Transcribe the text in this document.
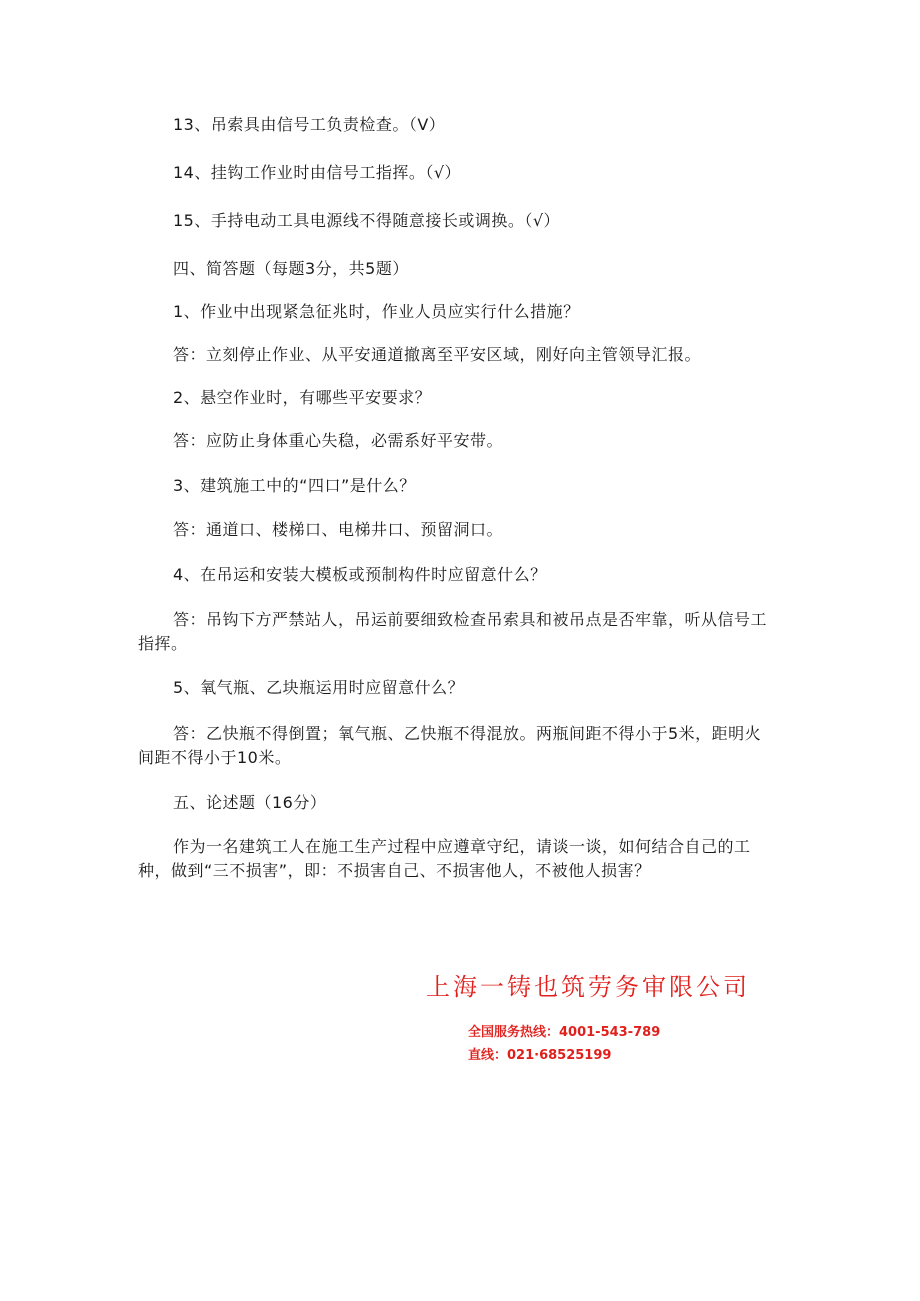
13、吊索具由信号工负责检查。（V）
14、挂钩工作业时由信号工指挥。（√）
15、手持电动工具电源线不得随意接长或调换。（√）
四、简答题（每题3分，共5题）
1、作业中出现紧急征兆时，作业人员应实行什么措施？
答：立刻停止作业、从平安通道撤离至平安区域，刚好向主管领导汇报。
2、悬空作业时，有哪些平安要求？
答：应防止身体重心失稳，必需系好平安带。
3、建筑施工中的“四口”是什么？
答：通道口、楼梯口、电梯井口、预留洞口。
4、在吊运和安装大模板或预制构件时应留意什么？
答：吊钩下方严禁站人，吊运前要细致检查吊索具和被吊点是否牢靠，听从信号工指挥。
5、氧气瓶、乙块瓶运用时应留意什么？
答：乙快瓶不得倒置；氧气瓶、乙快瓶不得混放。两瓶间距不得小于5米，距明火间距不得小于10米。
五、论述题（16分）
作为一名建筑工人在施工生产过程中应遵章守纪，请谈一谈，如何结合自己的工种，做到“三不损害”，即：不损害自己、不损害他人，不被他人损害？
上海一铸也筑劳务审限公司
全国服务热线：4001-543-789
直线：021·68525199
